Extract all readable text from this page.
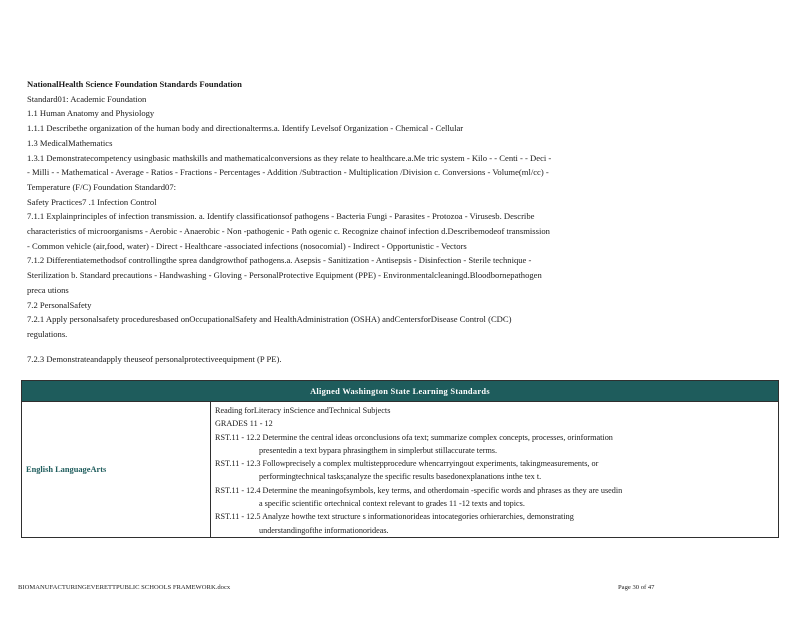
NationalHealth Science Foundation Standards Foundation
Standard01: Academic Foundation
1.1 Human Anatomy and Physiology
1.1.1 Describethe organization of the human body and directionalterms.a. Identify Levelsof Organization - Chemical - Cellular
1.3 MedicalMathematics
1.3.1 Demonstratecompetency usingbasic mathskills and mathematicalconversions as they relate to healthcare.a.Me tric system - Kilo - - Centi - - Deci -
- Milli - - Mathematical - Average - Ratios - Fractions - Percentages - Addition /Subtraction - Multiplication /Division c. Conversions - Volume(ml/cc) -
Temperature (F/C) Foundation Standard07:
Safety Practices7 .1 Infection Control
7.1.1 Explainprinciples of infection transmission. a. Identify classificationsof pathogens - Bacteria Fungi - Parasites - Protozoa - Virusesb. Describe
characteristics of microorganisms - Aerobic - Anaerobic - Non -pathogenic - Path ogenic c. Recognize chainof infection d.Describemodeof transmission
- Common vehicle (air,food, water) - Direct - Healthcare -associated infections (nosocomial) - Indirect - Opportunistic - Vectors
7.1.2 Differentiatemethodsof controllingthe sprea dandgrowthof pathogens.a. Asepsis - Sanitization - Antisepsis - Disinfection - Sterile technique -
Sterilization b. Standard precautions - Handwashing - Gloving - PersonalProtective Equipment (PPE) - Environmentalcleaningd.Bloodbornepathogen
preca utions
7.2 PersonalSafety
7.2.1 Apply personalsafety proceduresbased onOccupationalSafety and HealthAdministration (OSHA) andCentersforDisease Control (CDC)
regulations.
7.2.3 Demonstrateandapply theuseof personalprotectiveequipment (P PE).
Aligned Washington State Learning Standards
English LanguageArts
Reading forLiteracy inScience andTechnical Subjects
GRADES 11 - 12
RST.11 - 12.2 Determine the central ideas orconclusions ofa text; summarize complex concepts, processes, orinformation
presentedin a text bypara phrasingthem in simplerbut stillaccurate terms.
RST.11 - 12.3 Followprecisely a complex multistepprocedure whencarryingout experiments, takingmeasurements, or
performingtechnical tasks;analyze the specific results basedonexplanations inthe tex t.
RST.11 - 12.4 Determine the meaningofsymbols, key terms, and otherdomain -specific words and phrases as they are usedin
a specific scientific ortechnical context relevant to grades 11 -12 texts and topics.
RST.11 - 12.5 Analyze howthe text structure s informationorideas intocategories orhierarchies, demonstrating
understandingofthe informationorideas.
BIOMANUFACTURINGEVERETTPUBLIC SCHOOLS FRAMEWORK.docx	Page 30 of 47
